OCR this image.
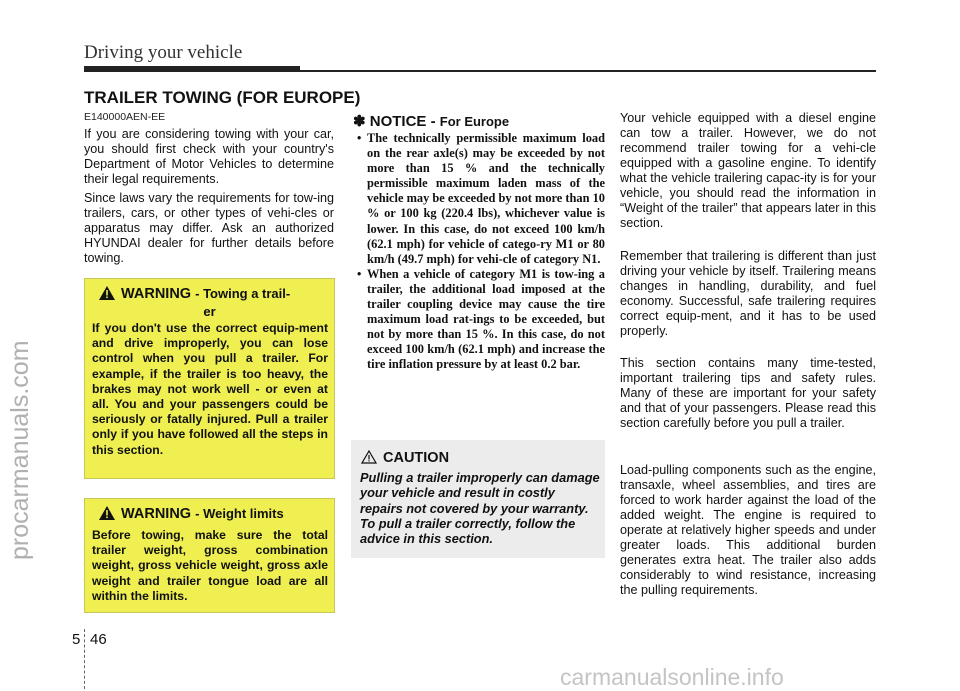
Driving your vehicle
procarmanuals.com
TRAILER TOWING (FOR EUROPE)
E140000AEN-EE
If you are considering towing with your car, you should first check with your country's Department of Motor Vehicles to determine their legal requirements.
Since laws vary the requirements for tow-ing trailers, cars, or other types of vehi-cles or apparatus may differ. Ask an authorized HYUNDAI dealer for further details before towing.
WARNING - Towing a trail-
er
If you don't use the correct equip-ment and drive improperly, you can lose control when you pull a trailer. For example, if the trailer is too heavy, the brakes may not work well - or even at all. You and your passengers could be seriously or fatally injured. Pull a trailer only if you have followed all the steps in this section.
WARNING - Weight limits
Before towing, make sure the total trailer weight, gross combination weight, gross vehicle weight, gross axle weight and trailer tongue load are all within the limits.
✽ NOTICE - For Europe
• The technically permissible maximum load on the rear axle(s) may be exceeded by not more than 15 % and the technically permissible maximum laden mass of the vehicle may be exceeded by not more than 10 % or 100 kg (220.4 lbs), whichever value is lower. In this case, do not exceed 100 km/h (62.1 mph) for vehicle of catego-ry M1 or 80 km/h (49.7 mph) for vehi-cle of category N1.
• When a vehicle of category M1 is tow-ing a trailer, the additional load imposed at the trailer coupling device may cause the tire maximum load rat-ings to be exceeded, but not by more than 15 %. In this case, do not exceed 100 km/h (62.1 mph) and increase the tire inflation pressure by at least 0.2 bar.
CAUTION
Pulling a trailer improperly can damage your vehicle and result in costly repairs not covered by your warranty. To pull a trailer correctly, follow the advice in this section.
Your vehicle equipped with a diesel engine can tow a trailer. However, we do not recommend trailer towing for a vehi-cle equipped with a gasoline engine. To identify what the vehicle trailering capac-ity is for your vehicle, you should read the information in “Weight of the trailer” that appears later in this section.
Remember that trailering is different than just driving your vehicle by itself. Trailering means changes in handling, durability, and fuel economy. Successful, safe trailering requires correct equip-ment, and it has to be used properly.
This section contains many time-tested, important trailering tips and safety rules. Many of these are important for your safety and that of your passengers. Please read this section carefully before you pull a trailer.
Load-pulling components such as the engine, transaxle, wheel assemblies, and tires are forced to work harder against the load of the added weight. The engine is required to operate at relatively higher speeds and under greater loads. This additional burden generates extra heat. The trailer also adds considerably to wind resistance, increasing the pulling requirements.
5 46
carmanualsonline.info
